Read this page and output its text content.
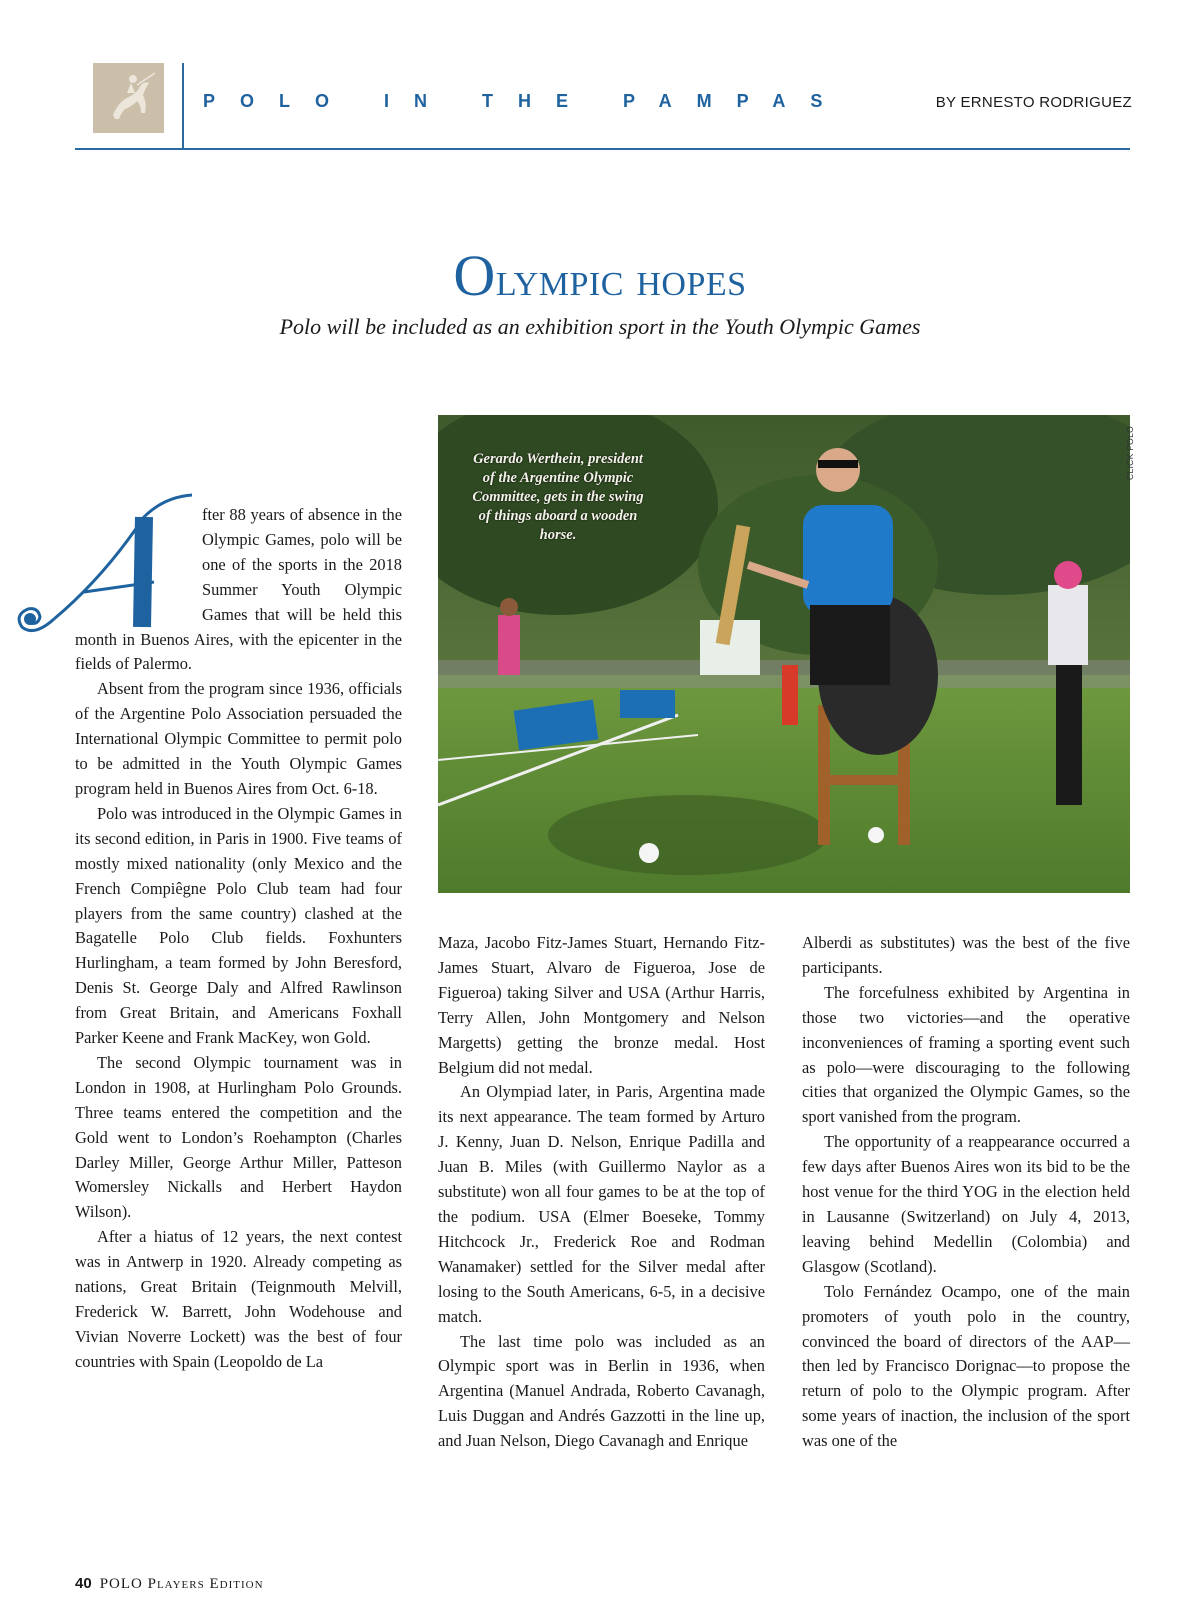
POLO IN THE PAMPAS	BY ERNESTO RODRIGUEZ
Olympic hopes
Polo will be included as an exhibition sport in the Youth Olympic Games
Gerardo Werthein, president of the Argentine Olympic Committee, gets in the swing of things aboard a wooden horse.
CLICK POLO

fter 88 years of absence in the Olympic Games, polo will be one of the sports in the 2018 Summer Youth Olympic Games that will be held this month in Buenos Aires, with the epicenter in the fields of Palermo.

Absent from the program since 1936, officials of the Argentine Polo Association persuaded the International Olympic Committee to permit polo to be admitted in the Youth Olympic Games program held in Buenos Aires from Oct. 6-18.

Polo was introduced in the Olympic Games in its second edition, in Paris in 1900. Five teams of mostly mixed nationality (only Mexico and the French Compiêgne Polo Club team had four players from the same country) clashed at the Bagatelle Polo Club fields. Foxhunters Hurlingham, a team formed by John Beresford, Denis St. George Daly and Alfred Rawlinson from Great Britain, and Americans Foxhall Parker Keene and Frank MacKey, won Gold.

The second Olympic tournament was in London in 1908, at Hurlingham Polo Grounds. Three teams entered the competition and the Gold went to London’s Roehampton (Charles Darley Miller, George Arthur Miller, Patteson Womersley Nickalls and Herbert Haydon Wilson).

After a hiatus of 12 years, the next contest was in Antwerp in 1920. Already competing as nations, Great Britain (Teignmouth Melvill, Frederick W. Barrett, John Wodehouse and Vivian Noverre Lockett) was the best of four countries with Spain (Leopoldo de La

Maza, Jacobo Fitz-James Stuart, Hernando Fitz-James Stuart, Alvaro de Figueroa, Jose de Figueroa) taking Silver and USA (Arthur Harris, Terry Allen, John Montgomery and Nelson Margetts) getting the bronze medal. Host Belgium did not medal.

An Olympiad later, in Paris, Argentina made its next appearance. The team formed by Arturo J. Kenny, Juan D. Nelson, Enrique Padilla and Juan B. Miles (with Guillermo Naylor as a substitute) won all four games to be at the top of the podium. USA (Elmer Boeseke, Tommy Hitchcock Jr., Frederick Roe and Rodman Wanamaker) settled for the Silver medal after losing to the South Americans, 6-5, in a decisive match.

The last time polo was included as an Olympic sport was in Berlin in 1936, when Argentina (Manuel Andrada, Roberto Cavanagh, Luis Duggan and Andrés Gazzotti in the line up, and Juan Nelson, Diego Cavanagh and Enrique

Alberdi as substitutes) was the best of the five participants.

The forcefulness exhibited by Argentina in those two victories—and the operative inconveniences of framing a sporting event such as polo—were discouraging to the following cities that organized the Olympic Games, so the sport vanished from the program.

The opportunity of a reappearance occurred a few days after Buenos Aires won its bid to be the host venue for the third YOG in the election held in Lausanne (Switzerland) on July 4, 2013, leaving behind Medellin (Colombia) and Glasgow (Scotland).

Tolo Fernández Ocampo, one of the main promoters of youth polo in the country, convinced the board of directors of the AAP—then led by Francisco Dorignac—to propose the return of polo to the Olympic program. After some years of inaction, the inclusion of the sport was one of the

40 POLO Players Edition
